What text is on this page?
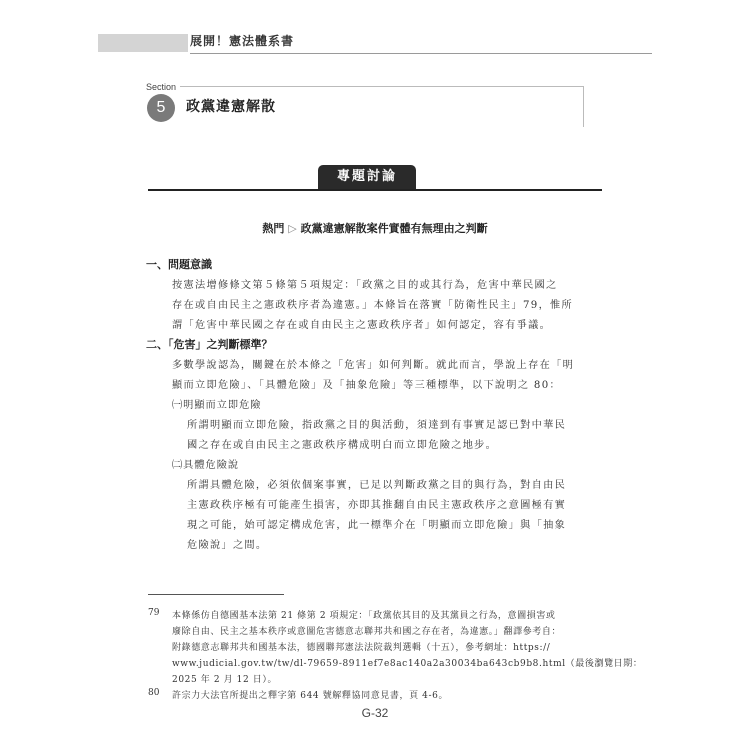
展開！憲法體系書
Section
5	政黨違憲解散
專題討論
熱門 ▷ 政黨違憲解散案件實體有無理由之判斷
一、問題意識
按憲法增修條文第５條第５項規定：「政黨之目的或其行為，危害中華民國之
存在或自由民主之憲政秩序者為違憲。」本條旨在落實「防衛性民主」79，惟所
謂「危害中華民國之存在或自由民主之憲政秩序者」如何認定，容有爭議。
二、「危害」之判斷標準？
多數學說認為，關鍵在於本條之「危害」如何判斷。就此而言，學說上存在「明
顯而立即危險」、「具體危險」及「抽象危險」等三種標準，以下說明之 80：
㈠明顯而立即危險
所謂明顯而立即危險，指政黨之目的與活動，須達到有事實足認已對中華民
國之存在或自由民主之憲政秩序構成明白而立即危險之地步。
㈡具體危險說
所謂具體危險，必須依個案事實，已足以判斷政黨之目的與行為，對自由民
主憲政秩序極有可能產生損害，亦即其推翻自由民主憲政秩序之意圖極有實
現之可能，始可認定構成危害，此一標準介在「明顯而立即危險」與「抽象
危險說」之間。
79 本條係仿自德國基本法第 21 條第 2 項規定：「政黨依其目的及其黨員之行為，意圖損害或
廢除自由、民主之基本秩序或意圖危害德意志聯邦共和國之存在者，為違憲。」翻譯參考自：
附錄德意志聯邦共和國基本法，德國聯邦憲法法院裁判選輯（十五），參考網址：https://
www.judicial.gov.tw/tw/dl-79659-8911ef7e8ac140a2a30034ba643cb9b8.html（最後瀏覽日期：
2025 年 2 月 12 日）。
80 許宗力大法官所提出之釋字第 644 號解釋協同意見書，頁 4-6。
G-32
